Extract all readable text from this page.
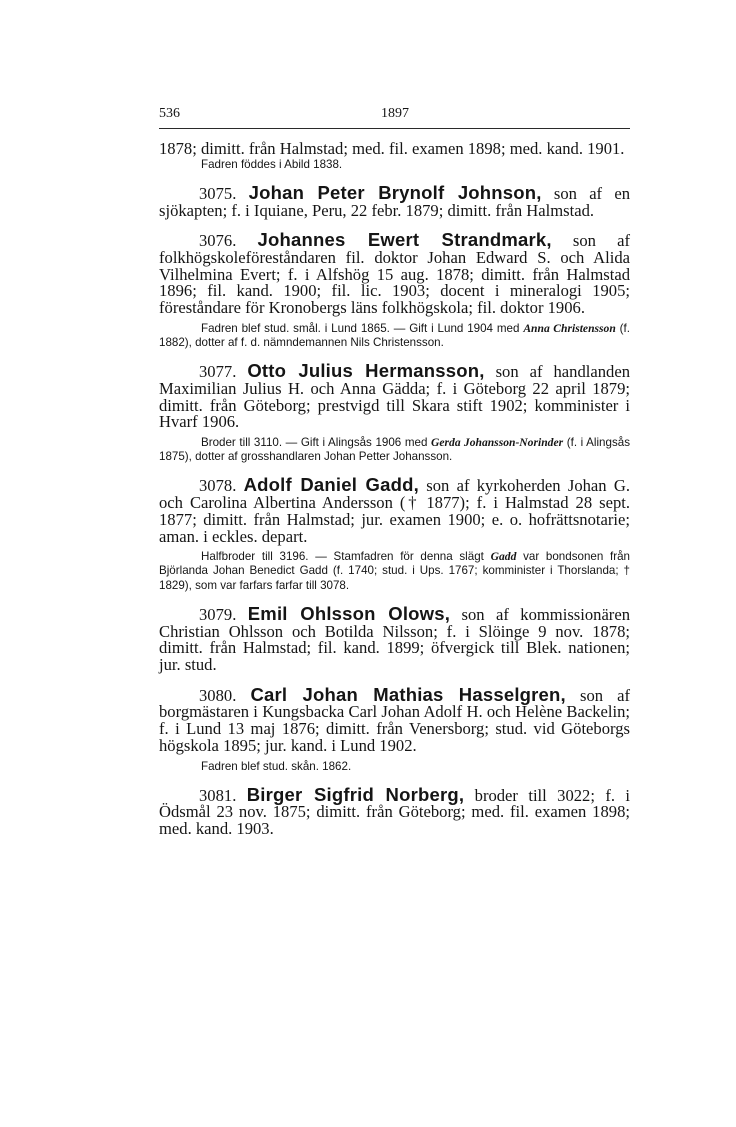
536	1897

1878; dimitt. från Halmstad; med. fil. examen 1898; med. kand. 1901.

Fadren föddes i Abild 1838.

3075. Johan Peter Brynolf Johnson, son af en sjökapten; f. i Iquiane, Peru, 22 febr. 1879; dimitt. från Halmstad.

3076. Johannes Ewert Strandmark, son af folkhögskoleföreståndaren fil. doktor Johan Edward S. och Alida Vilhelmina Evert; f. i Alfshög 15 aug. 1878; dimitt. från Halmstad 1896; fil. kand. 1900; fil. lic. 1903; docent i mineralogi 1905; föreståndare för Kronobergs läns folkhögskola; fil. doktor 1906.

Fadren blef stud. smål. i Lund 1865. — Gift i Lund 1904 med Anna Christensson (f. 1882), dotter af f. d. nämndemannen Nils Christensson.

3077. Otto Julius Hermansson, son af handlanden Maximilian Julius H. och Anna Gädda; f. i Göteborg 22 april 1879; dimitt. från Göteborg; prestvigd till Skara stift 1902; komminister i Hvarf 1906.

Broder till 3110. — Gift i Alingsås 1906 med Gerda Johansson-Norinder (f. i Alingsås 1875), dotter af grosshandlaren Johan Petter Johansson.

3078. Adolf Daniel Gadd, son af kyrkoherden Johan G. och Carolina Albertina Andersson († 1877); f. i Halmstad 28 sept. 1877; dimitt. från Halmstad; jur. examen 1900; e. o. hofrättsnotarie; aman. i eckles. depart.

Halfbroder till 3196. — Stamfadren för denna slägt Gadd var bondsonen från Björlanda Johan Benedict Gadd (f. 1740; stud. i Ups. 1767; komminister i Thorslanda; † 1829), som var farfars farfar till 3078.

3079. Emil Ohlsson Olows, son af kommissionären Christian Ohlsson och Botilda Nilsson; f. i Slöinge 9 nov. 1878; dimitt. från Halmstad; fil. kand. 1899; öfvergick till Blek. nationen; jur. stud.

3080. Carl Johan Mathias Hasselgren, son af borgmästaren i Kungsbacka Carl Johan Adolf H. och Helène Backelin; f. i Lund 13 maj 1876; dimitt. från Venersborg; stud. vid Göteborgs högskola 1895; jur. kand. i Lund 1902.

Fadren blef stud. skån. 1862.

3081. Birger Sigfrid Norberg, broder till 3022; f. i Ödsmål 23 nov. 1875; dimitt. från Göteborg; med. fil. examen 1898; med. kand. 1903.
